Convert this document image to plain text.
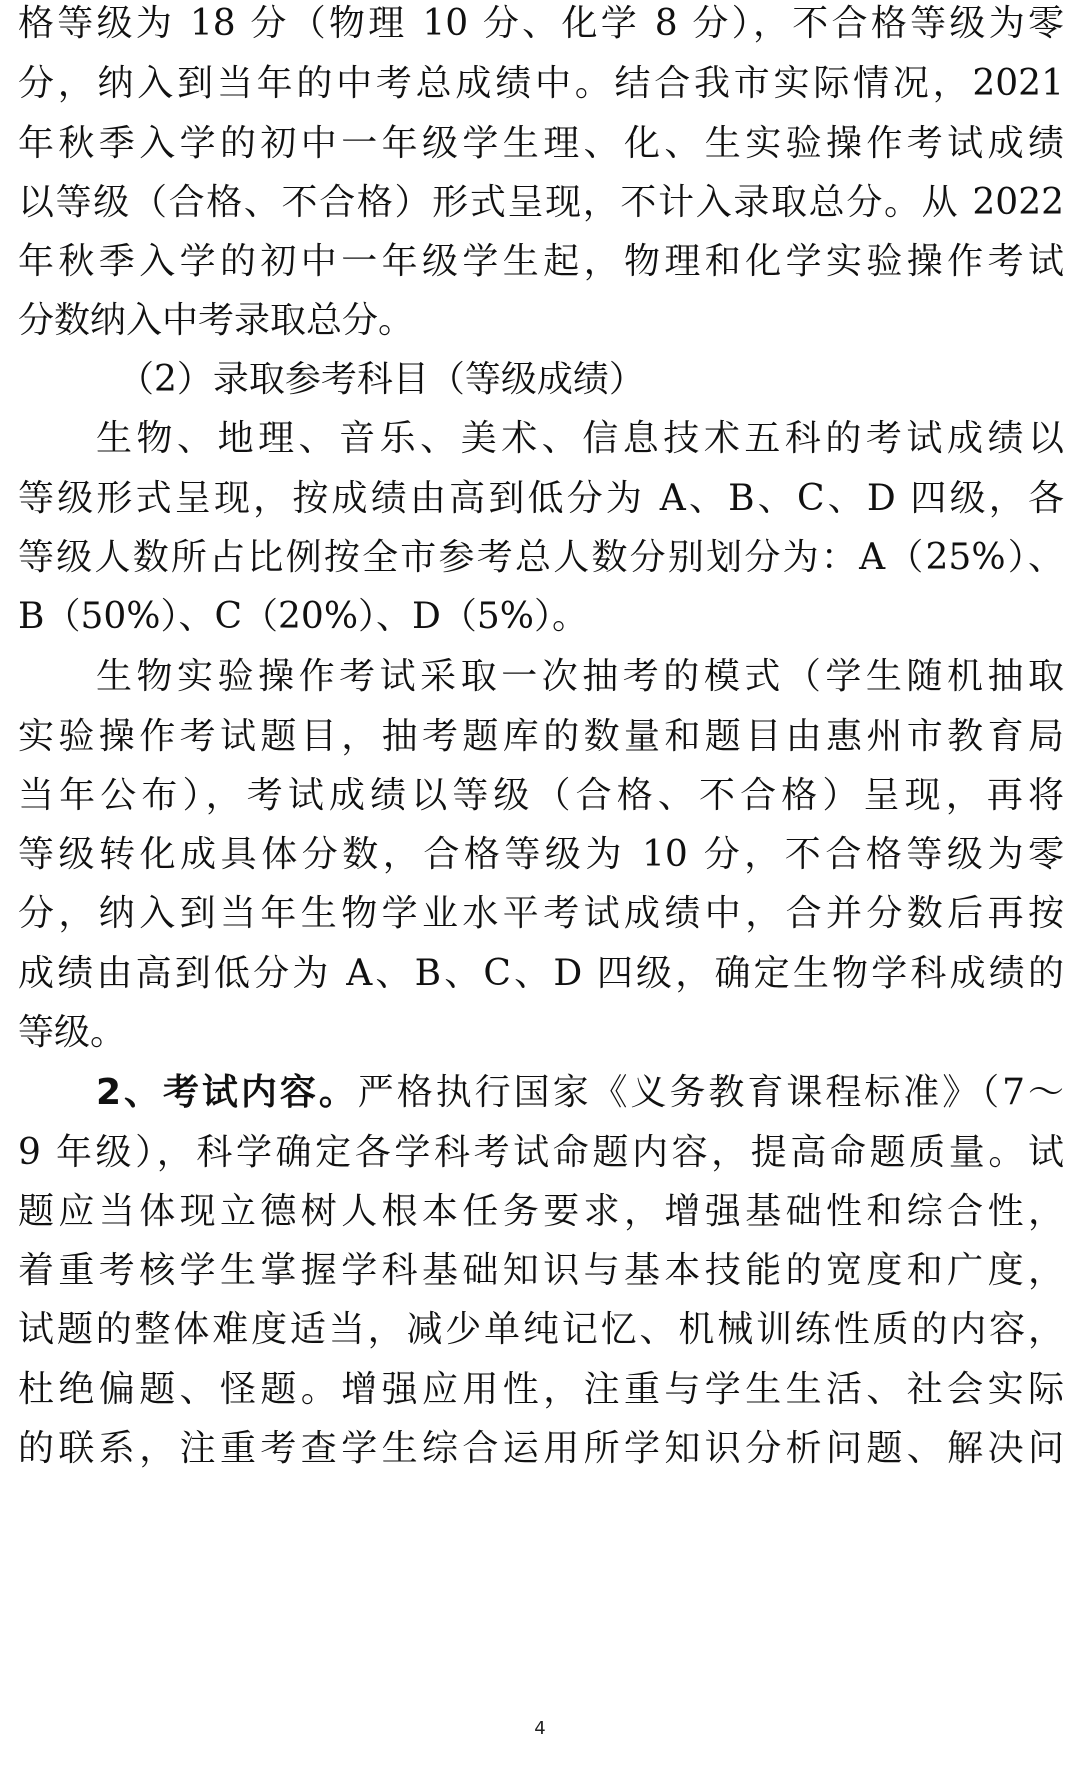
格等级为 18 分（物理 10 分、化学 8 分），不合格等级为零
分，纳入到当年的中考总成绩中。结合我市实际情况，2021
年秋季入学的初中一年级学生理、化、生实验操作考试成绩
以等级（合格、不合格）形式呈现，不计入录取总分。从 2022
年秋季入学的初中一年级学生起，物理和化学实验操作考试
分数纳入中考录取总分。
（2）录取参考科目（等级成绩）
生物、地理、音乐、美术、信息技术五科的考试成绩以
等级形式呈现，按成绩由高到低分为 A、B、C、D 四级，各
等级人数所占比例按全市参考总人数分别划分为：A（25%）、
B（50%）、C（20%）、D（5%）。
生物实验操作考试采取一次抽考的模式（学生随机抽取
实验操作考试题目，抽考题库的数量和题目由惠州市教育局
当年公布），考试成绩以等级（合格、不合格）呈现，再将
等级转化成具体分数，合格等级为 10 分，不合格等级为零
分，纳入到当年生物学业水平考试成绩中，合并分数后再按
成绩由高到低分为 A、B、C、D 四级，确定生物学科成绩的
等级。
2、考试内容。严格执行国家《义务教育课程标准》（7～
9 年级），科学确定各学科考试命题内容，提高命题质量。试
题应当体现立德树人根本任务要求，增强基础性和综合性，
着重考核学生掌握学科基础知识与基本技能的宽度和广度，
试题的整体难度适当，减少单纯记忆、机械训练性质的内容，
杜绝偏题、怪题。增强应用性，注重与学生生活、社会实际
的联系，注重考查学生综合运用所学知识分析问题、解决问
4
